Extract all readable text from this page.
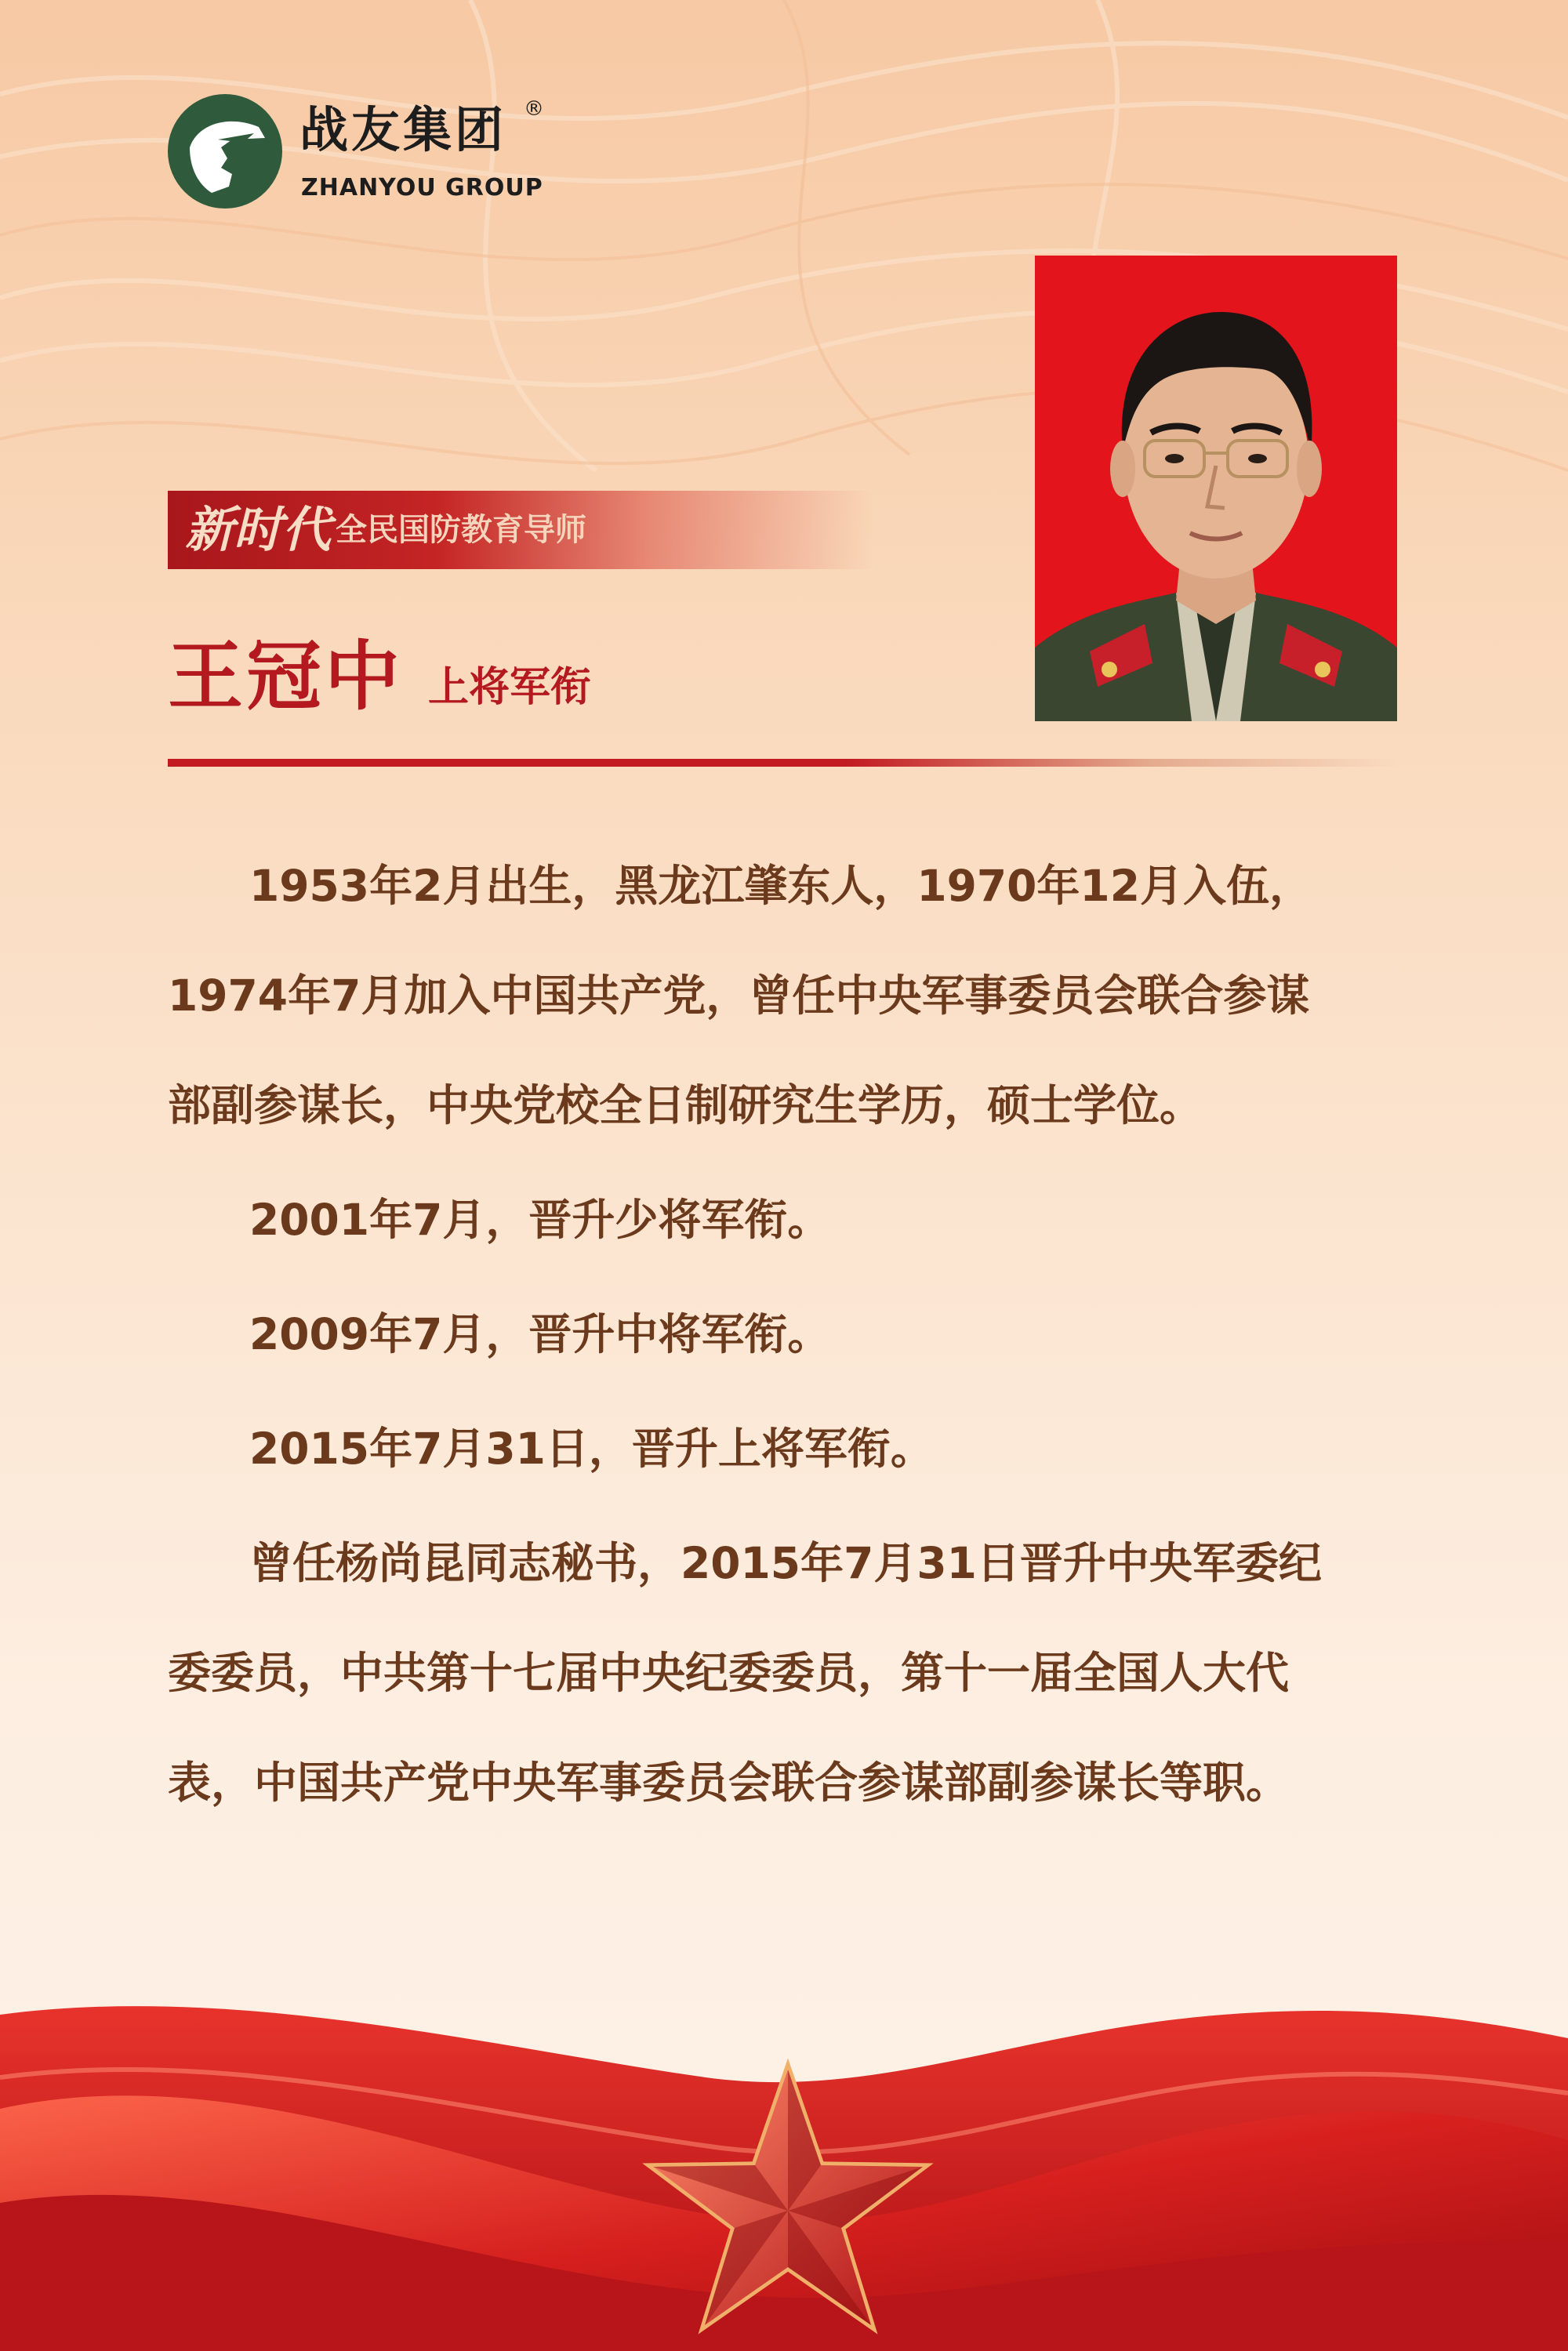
战友集团 ®
ZHANYOU GROUP
新时代 全民国防教育导师
王冠中 上将军衔

1953年2月出生，黑龙江肇东人，1970年12月入伍，

1974年7月加入中国共产党，曾任中央军事委员会联合参谋

部副参谋长，中央党校全日制研究生学历，硕士学位。

2001年7月，晋升少将军衔。

2009年7月，晋升中将军衔。

2015年7月31日，晋升上将军衔。

曾任杨尚昆同志秘书，2015年7月31日晋升中央军委纪

委委员，中共第十七届中央纪委委员，第十一届全国人大代

表，中国共产党中央军事委员会联合参谋部副参谋长等职。
